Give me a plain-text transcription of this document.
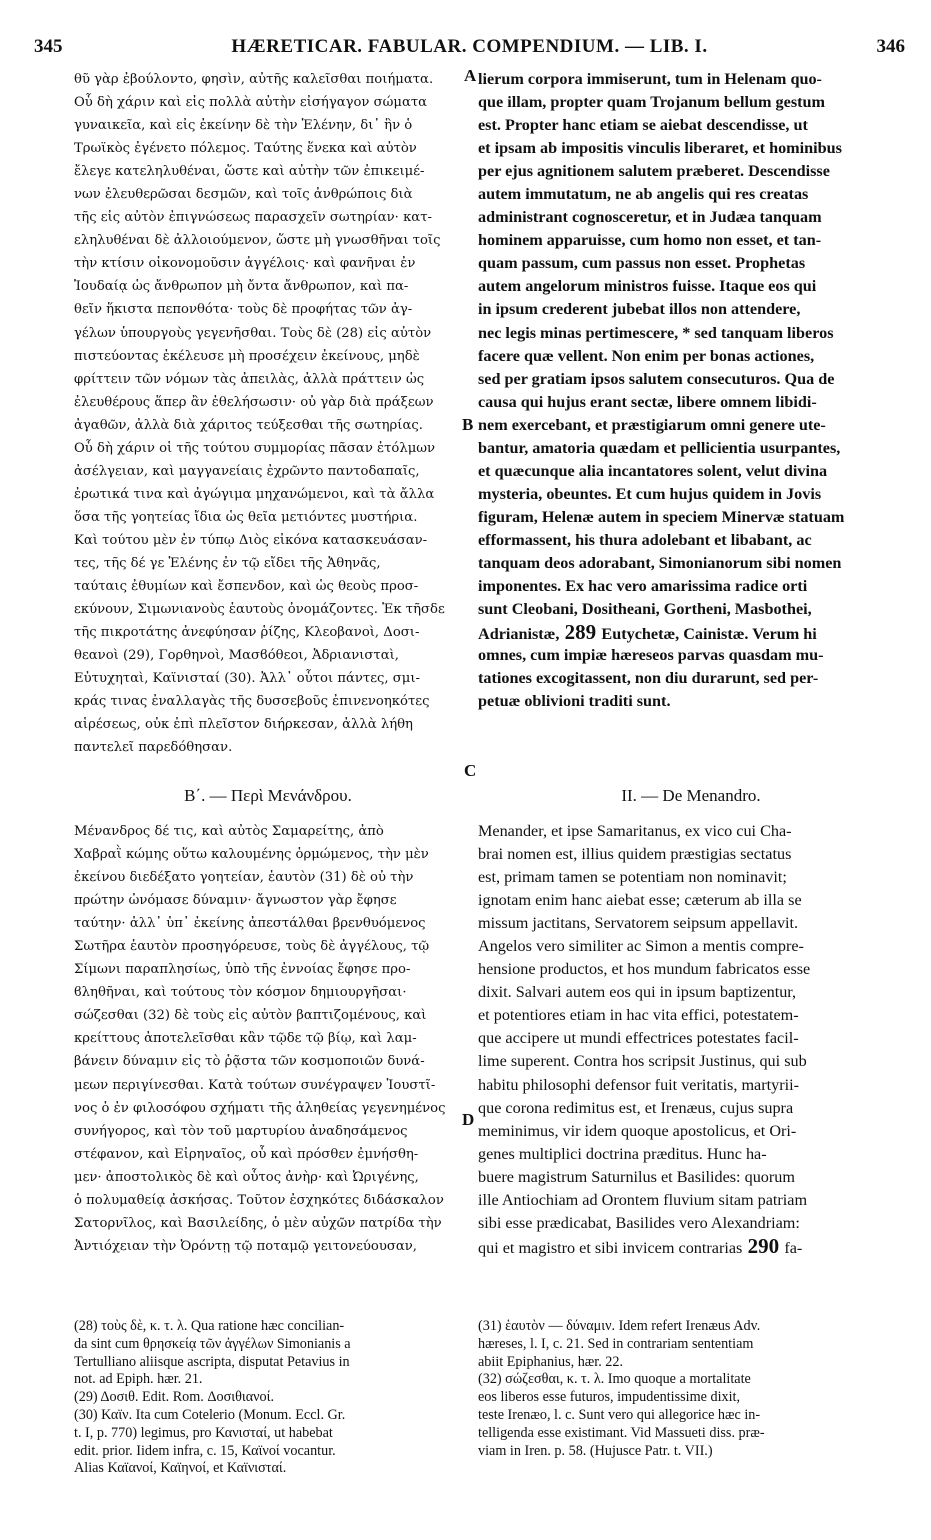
345	HÆRETICAR. FABULAR. COMPENDIUM. — LIB. I.	346
A
B
C
D
θῦ γὰρ ἐβούλοντο, φησὶν, αὐτῆς καλεῖσθαι ποιήματα.
Οὗ δὴ χάριν καὶ εἰς πολλὰ αὐτὴν εἰσήγαγον σώματα
γυναικεῖα, καὶ εἰς ἐκείνην δὲ τὴν Ἑλένην, δι᾽ ἣν ὁ
Τρωϊκὸς ἐγένετο πόλεμος. Ταύτης ἕνεκα καὶ αὐτὸν
ἔλεγε κατεληλυθέναι, ὥστε καὶ αὐτὴν τῶν ἐπικειμέ-
νων ἐλευθερῶσαι δεσμῶν, καὶ τοῖς ἀνθρώποις διὰ
τῆς εἰς αὐτὸν ἐπιγνώσεως παρασχεῖν σωτηρίαν· κατ-
εληλυθέναι δὲ ἀλλοιούμενον, ὥστε μὴ γνωσθῆναι τοῖς
τὴν κτίσιν οἰκονομοῦσιν ἀγγέλοις· καὶ φανῆναι ἐν
Ἰουδαίᾳ ὡς ἄνθρωπον μὴ ὄντα ἄνθρωπον, καὶ πα-
θεῖν ἥκιστα πεπονθότα· τοὺς δὲ προφήτας τῶν ἀγ-
γέλων ὑπουργοὺς γεγενῆσθαι. Τοὺς δὲ (28) εἰς αὐτὸν
πιστεύοντας ἐκέλευσε μὴ προσέχειν ἐκείνους, μηδὲ
φρίττειν τῶν νόμων τὰς ἀπειλὰς, ἀλλὰ πράττειν ὡς
ἐλευθέρους ἅπερ ἂν ἐθελήσωσιν· οὐ γὰρ διὰ πράξεων
ἀγαθῶν, ἀλλὰ διὰ χάριτος τεύξεσθαι τῆς σωτηρίας.
Οὗ δὴ χάριν οἱ τῆς τούτου συμμορίας πᾶσαν ἐτόλμων
ἀσέλγειαν, καὶ μαγγανείαις ἐχρῶντο παντοδαπαῖς,
ἐρωτικά τινα καὶ ἀγώγιμα μηχανώμενοι, καὶ τὰ ἄλλα
ὅσα τῆς γοητείας ἴδια ὡς θεῖα μετιόντες μυστήρια.
Καὶ τούτου μὲν ἐν τύπῳ Διὸς εἰκόνα κατασκευάσαν-
τες, τῆς δέ γε Ἑλένης ἐν τῷ εἴδει τῆς Ἀθηνᾶς,
ταύταις ἐθυμίων καὶ ἔσπενδον, καὶ ὡς θεοὺς προσ-
εκύνουν, Σιμωνιανοὺς ἑαυτοὺς ὀνομάζοντες. Ἐκ τῆσδε
τῆς πικροτάτης ἀνεφύησαν ῥίζης, Κλεοβανοὶ, Δοσι-
θεανοὶ (29), Γορθηνοὶ, Μασϐόθεοι, Ἀδριανισταὶ,
Εὐτυχηταὶ, Καϊνισταί (30). Ἀλλ᾽ οὗτοι πάντες, σμι-
κράς τινας ἐναλλαγὰς τῆς δυσσεβοῦς ἐπινενοηκότες
αἱρέσεως, οὐκ ἐπὶ πλεῖστον διήρκεσαν, ἀλλὰ λήθη
παντελεῖ παρεδόθησαν.
lierum corpora immiserunt, tum in Helenam quo-
que illam, propter quam Trojanum bellum gestum
est. Propter hanc etiam se aiebat descendisse, ut
et ipsam ab impositis vinculis liberaret, et hominibus
per ejus agnitionem salutem præberet. Descendisse
autem immutatum, ne ab angelis qui res creatas
administrant cognosceretur, et in Judæa tanquam
hominem apparuisse, cum homo non esset, et tan-
quam passum, cum passus non esset. Prophetas
autem angelorum ministros fuisse. Itaque eos qui
in ipsum crederent jubebat illos non attendere,
nec legis minas pertimescere, * sed tanquam liberos
facere quæ vellent. Non enim per bonas actiones,
sed per gratiam ipsos salutem consecuturos. Qua de
causa qui hujus erant sectæ, libere omnem libidi-
nem exercebant, et præstigiarum omni genere ute-
bantur, amatoria quædam et pellicientia usurpantes,
et quæcunque alia incantatores solent, velut divina
mysteria, obeuntes. Et cum hujus quidem in Jovis
figuram, Helenæ autem in speciem Minervæ statuam
efformassent, his thura adolebant et libabant, ac
tanquam deos adorabant, Simonianorum sibi nomen
imponentes. Ex hac vero amarissima radice orti
sunt Cleobani, Dositheani, Gortheni, Masbothei,
Adrianistæ, 289 Eutychetæ, Cainistæ. Verum hi
omnes, cum impiæ hæreseos parvas quasdam mu-
tationes excogitassent, non diu durarunt, sed per-
petuæ oblivioni traditi sunt.
Β΄. — Περὶ Μενάνδρου.	II. — De Menandro.
Μένανδρος δέ τις, καὶ αὐτὸς Σαμαρείτης, ἀπὸ
Χαβραῒ κώμης οὕτω καλουμένης ὁρμώμενος, τὴν μὲν
ἐκείνου διεδέξατο γοητείαν, ἑαυτὸν (31) δὲ οὐ τὴν
πρώτην ὠνόμασε δύναμιν· ἄγνωστον γὰρ ἔφησε
ταύτην· ἀλλ᾽ ὑπ᾽ ἐκείνης ἀπεστάλθαι βρενθυόμενος
Σωτῆρα ἑαυτὸν προσηγόρευσε, τοὺς δὲ ἀγγέλους, τῷ
Σίμωνι παραπλησίως, ὑπὸ τῆς ἐννοίας ἔφησε προ-
ϐληθῆναι, καὶ τούτους τὸν κόσμον δημιουργῆσαι·
σώζεσθαι (32) δὲ τοὺς εἰς αὐτὸν βαπτιζομένους, καὶ
κρείττους ἀποτελεῖσθαι κἂν τῷδε τῷ βίῳ, καὶ λαμ-
βάνειν δύναμιν εἰς τὸ ῥᾷστα τῶν κοσμοποιῶν δυνά-
μεων περιγίνεσθαι. Κατὰ τούτων συνέγραψεν Ἰουστῖ-
νος ὁ ἐν φιλοσόφου σχήματι τῆς ἀληθείας γεγενημένος
συνήγορος, καὶ τὸν τοῦ μαρτυρίου ἀναδησάμενος
στέφανον, καὶ Εἰρηναῖος, οὗ καὶ πρόσθεν ἐμνήσθη-
μεν· ἀποστολικὸς δὲ καὶ οὗτος ἀνὴρ· καὶ Ὠριγένης,
ὁ πολυμαθείᾳ ἀσκήσας. Τοῦτον ἐσχηκότες διδάσκαλον
Σατορνῖλος, καὶ Βασιλείδης, ὁ μὲν αὐχῶν πατρίδα τὴν
Ἀντιόχειαν τὴν Ὀρόντῃ τῷ ποταμῷ γειτονεύουσαν,
Menander, et ipse Samaritanus, ex vico cui Cha-
brai nomen est, illius quidem præstigias sectatus
est, primam tamen se potentiam non nominavit;
ignotam enim hanc aiebat esse; cæterum ab illa se
missum jactitans, Servatorem seipsum appellavit.
Angelos vero similiter ac Simon a mentis compre-
hensione productos, et hos mundum fabricatos esse
dixit. Salvari autem eos qui in ipsum baptizentur,
et potentiores etiam in hac vita effici, potestatem-
que accipere ut mundi effectrices potestates facil-
lime superent. Contra hos scripsit Justinus, qui sub
habitu philosophi defensor fuit veritatis, martyrii-
que corona redimitus est, et Irenæus, cujus supra
meminimus, vir idem quoque apostolicus, et Ori-
genes multiplici doctrina præditus. Hunc ha-
buere magistrum Saturnilus et Basilides: quorum
ille Antiochiam ad Orontem fluvium sitam patriam
sibi esse prædicabat, Basilides vero Alexandriam:
qui et magistro et sibi invicem contrarias 290 fa-
(28) τοὺς δὲ, κ. τ. λ. Qua ratione hæc concilian-
da sint cum θρησκείᾳ τῶν ἀγγέλων Simonianis a
Tertulliano aliisque ascripta, disputat Petavius in
not. ad Epiph. hær. 21.
(29) Δοσιθ. Edit. Rom. Δοσιθιανοί.
(30) Καϊν. Ita cum Cotelerio (Monum. Eccl. Gr.
t. I, p. 770) legimus, pro Κανισταί, ut habebat
edit. prior. Iidem infra, c. 15, Καϊνοί vocantur.
Alias Καϊανοί, Καϊηνοί, et Καϊνισταί.
(31) ἑαυτὸν — δύναμιν. Idem refert Irenæus Adv.
hæreses, l. I, c. 21. Sed in contrariam sententiam
abiit Epiphanius, hær. 22.
(32) σώζεσθαι, κ. τ. λ. Imo quoque a mortalitate
eos liberos esse futuros, impudentissime dixit,
teste Irenæo, l. c. Sunt vero qui allegorice hæc in-
telligenda esse existimant. Vid Massueti diss. præ-
viam in Iren. p. 58. (Hujusce Patr. t. VII.)
